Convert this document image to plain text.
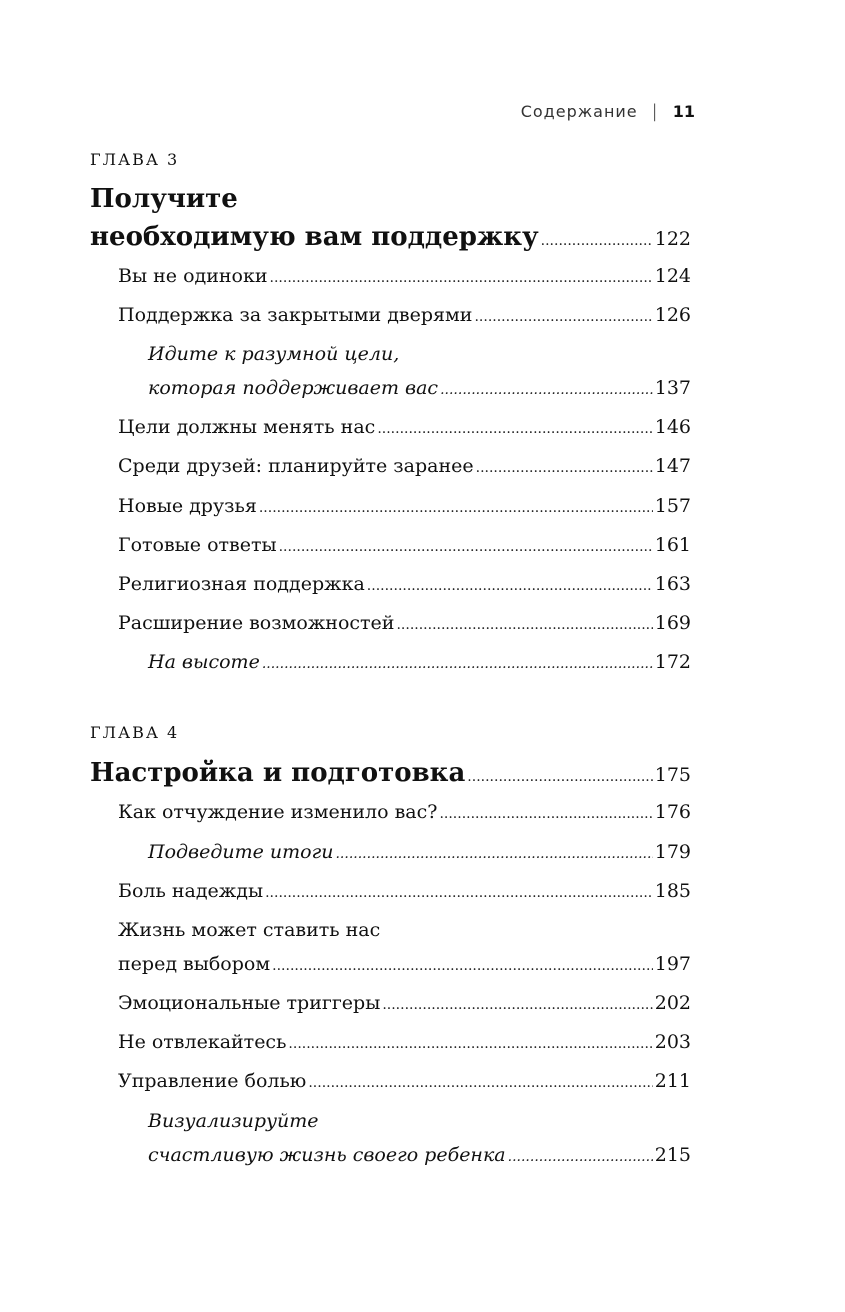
Содержание | 11
ГЛАВА 3
Получите
необходимую вам поддержку .....	122
Вы не одиноки .....	124
Поддержка за закрытыми дверями .....	126
Идите к разумной цели,
которая поддерживает вас .....	137
Цели должны менять нас .....	146
Среди друзей: планируйте заранее .....	147
Новые друзья .....	157
Готовые ответы .....	161
Религиозная поддержка .....	163
Расширение возможностей .....	169
На высоте .....	172
ГЛАВА 4
Настройка и подготовка .....	175
Как отчуждение изменило вас? .....	176
Подведите итоги .....	179
Боль надежды .....	185
Жизнь может ставить нас
перед выбором .....	197
Эмоциональные триггеры .....	202
Не отвлекайтесь .....	203
Управление болью .....	211
Визуализируйте
счастливую жизнь своего ребенка .....	215
